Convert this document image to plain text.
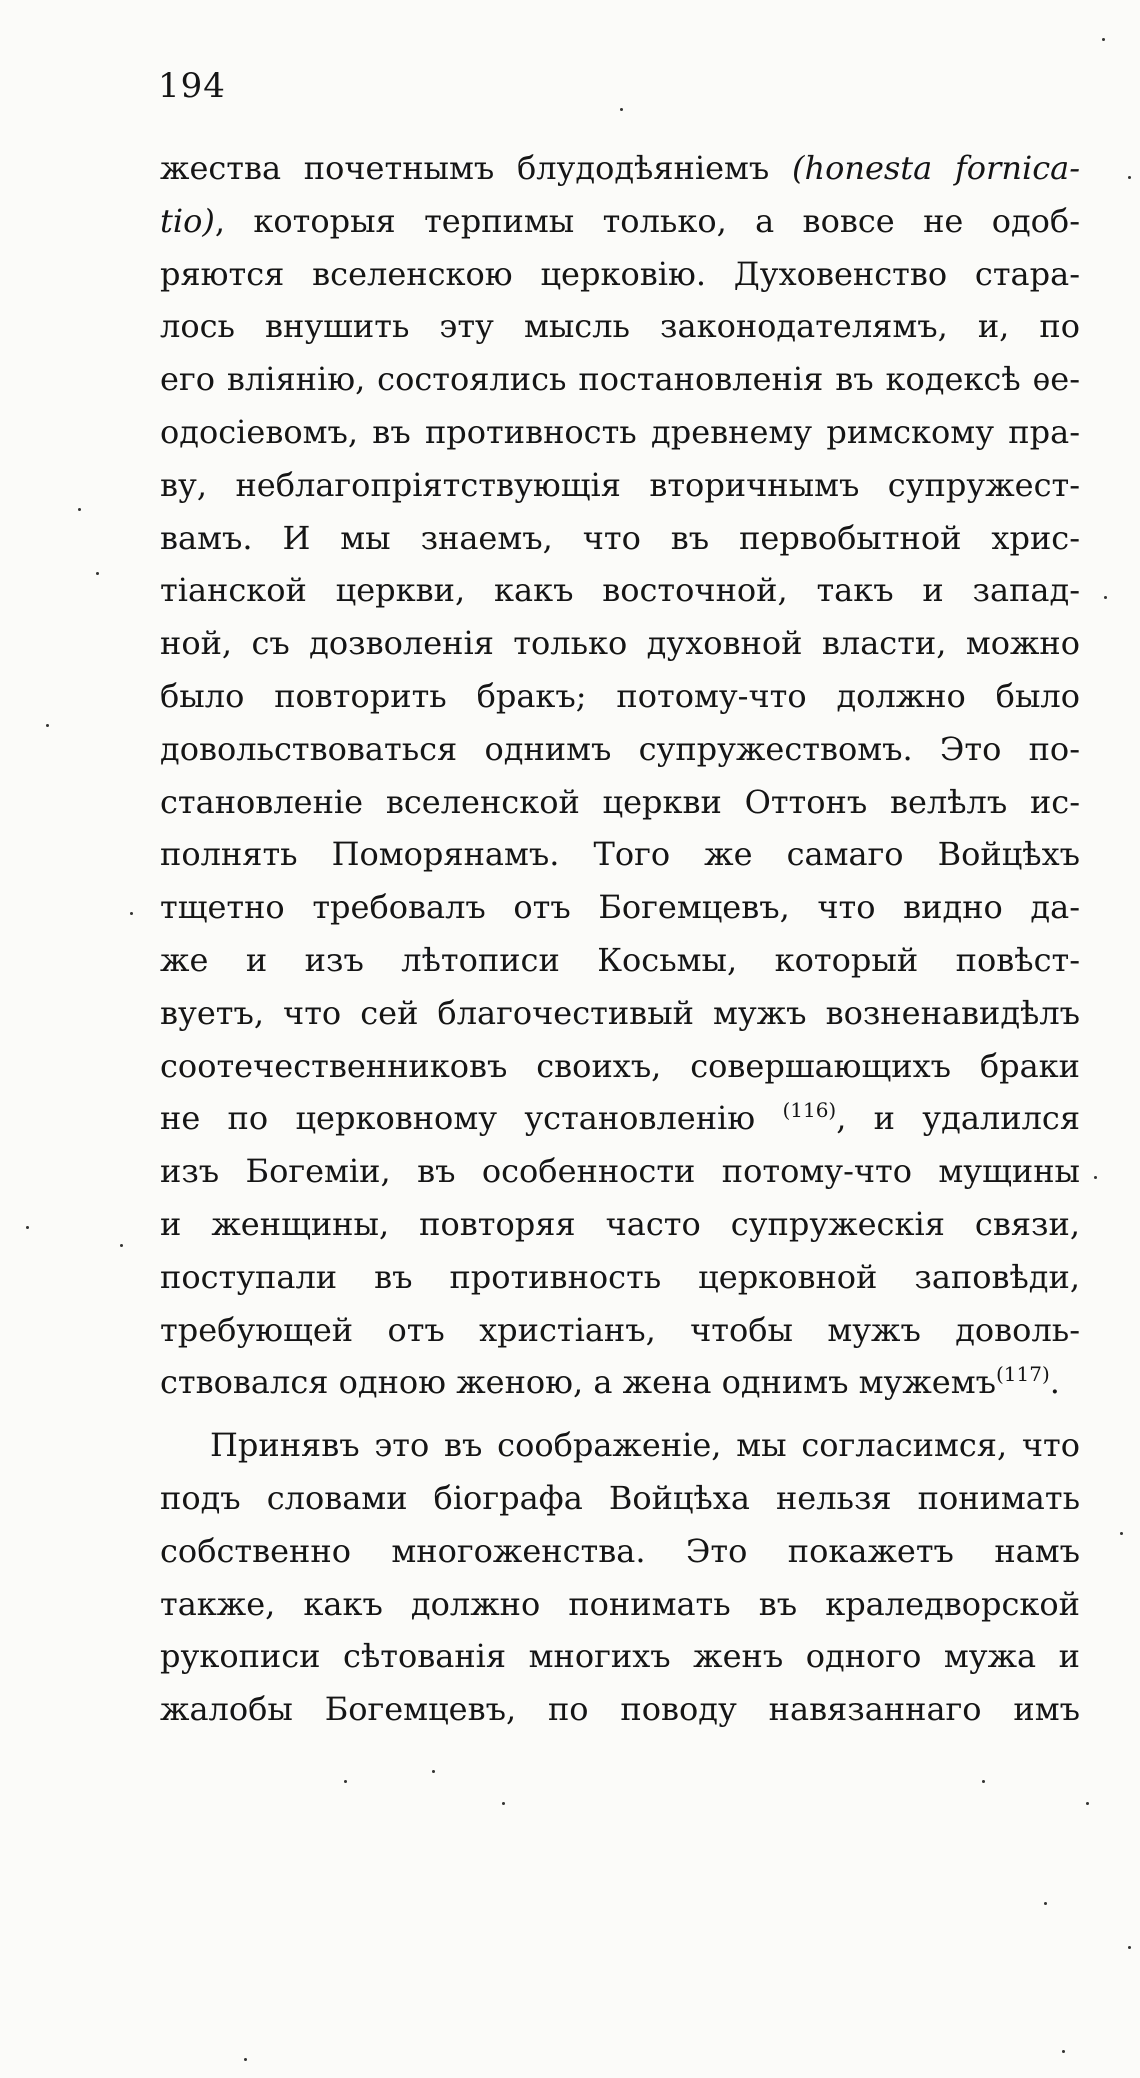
194
жества почетнымъ блудодѣяніемъ (honesta fornica-
tio), которыя терпимы только, а вовсе не одоб-
ряются вселенскою церковію. Духовенство стара-
лось внушить эту мысль законодателямъ, и, по
его вліянію, состоялись постановленія въ кодексѣ ѳе-
одосіевомъ, въ противность древнему римскому пра-
ву, неблагопріятствующія вторичнымъ супружест-
вамъ. И мы знаемъ, что въ первобытной хрис-
тіанской церкви, какъ восточной, такъ и запад-
ной, съ дозволенія только духовной власти, можно
было повторить бракъ; потому-что должно было
довольствоваться однимъ супружествомъ. Это по-
становленіе вселенской церкви Оттонъ велѣлъ ис-
полнять Поморянамъ. Того же самаго Войцѣхъ
тщетно требовалъ отъ Богемцевъ, что видно да-
же и изъ лѣтописи Косьмы, который повѣст-
вуетъ, что сей благочестивый мужъ возненавидѣлъ
соотечественниковъ своихъ, совершающихъ браки
не по церковному установленію $^{(116)}$, и удалился
изъ Богеміи, въ особенности потому-что мущины
и женщины, повторяя часто супружескія связи,
поступали въ противность церковной заповѣди,
требующей отъ христіанъ, чтобы мужъ доволь-
ствовался одною женою, а жена однимъ мужемъ$^{(117)}$.
Принявъ это въ соображеніе, мы согласимся, что
подъ словами біографа Войцѣха нельзя понимать
собственно многоженства. Это покажетъ намъ
также, какъ должно понимать въ краледворской
рукописи сѣтованія многихъ женъ одного мужа и
жалобы Богемцевъ, по поводу навязаннаго имъ
